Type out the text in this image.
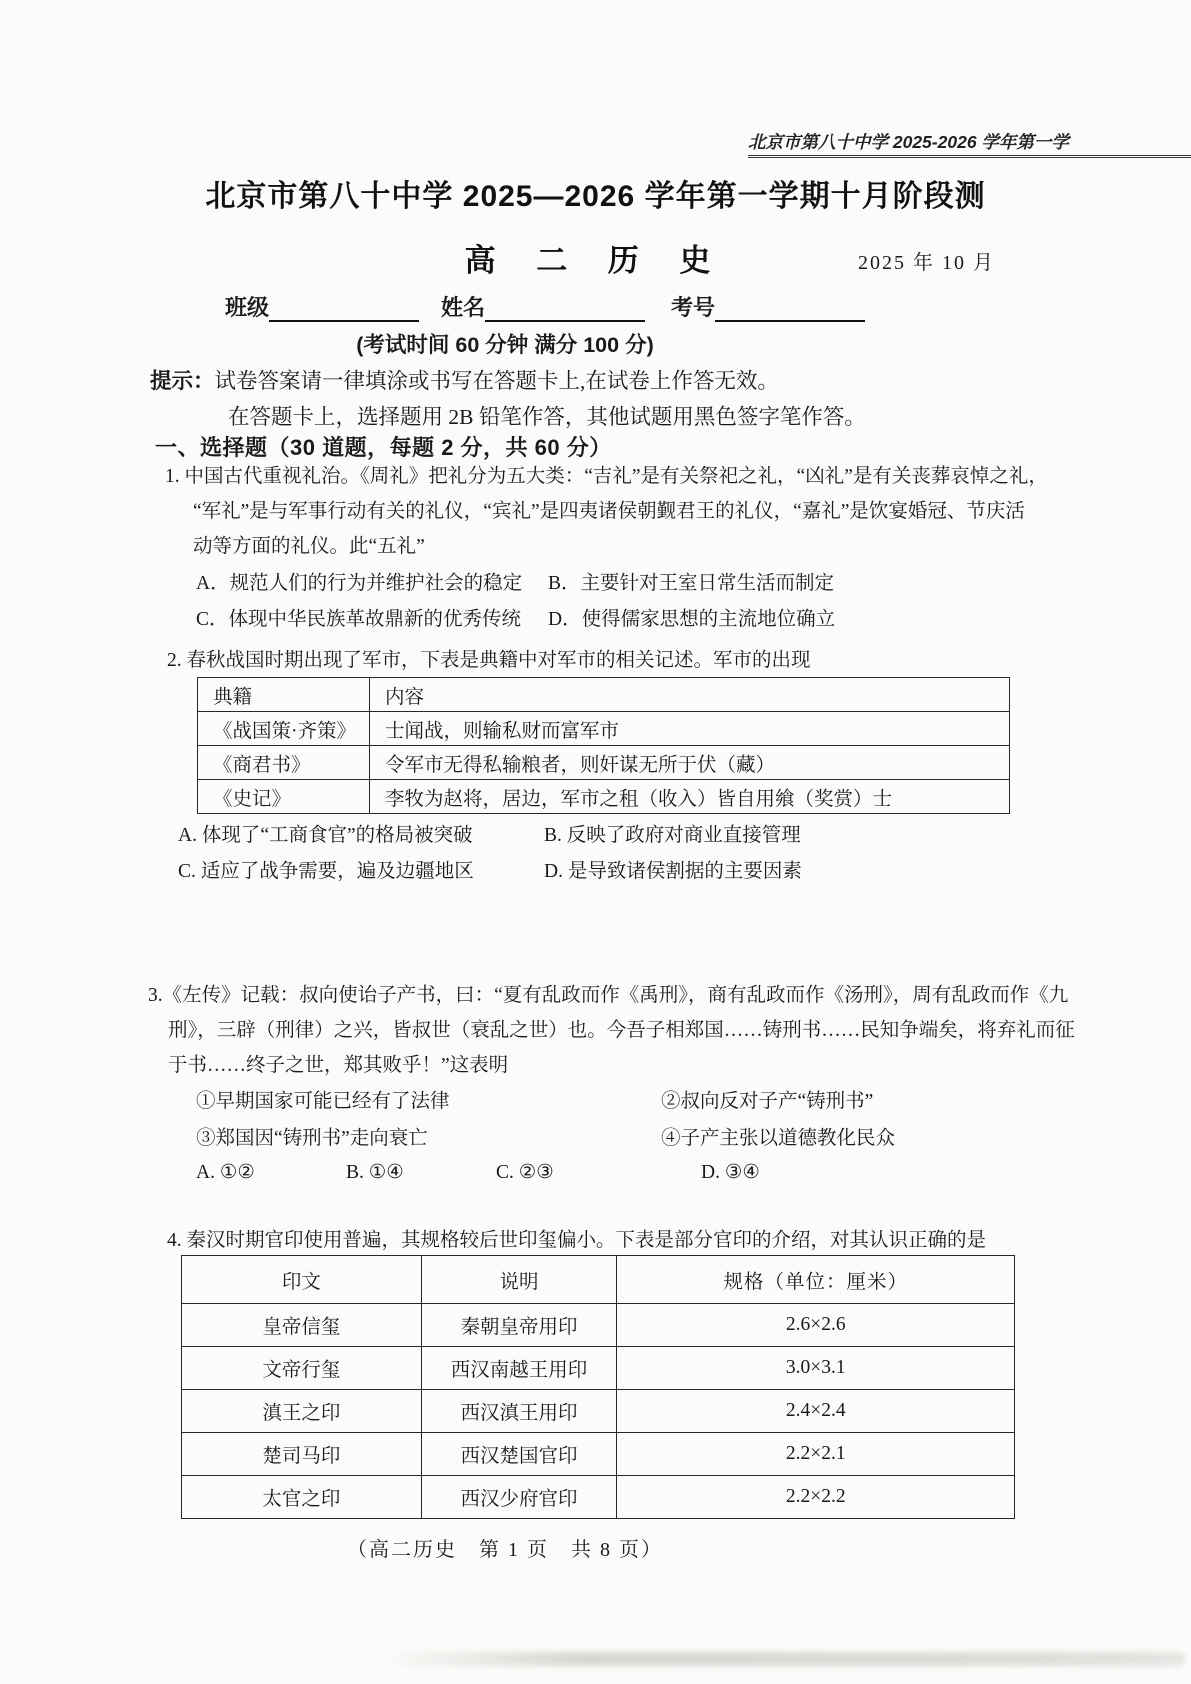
北京市第八十中学 2025-2026 学年第一学
北京市第八十中学 2025—2026 学年第一学期十月阶段测
高 二 历 史	2025 年 10 月
班级	姓名	考号
(考试时间 60 分钟 满分 100 分)
提示：试卷答案请一律填涂或书写在答题卡上,在试卷上作答无效。
在答题卡上，选择题用 2B 铅笔作答，其他试题用黑色签字笔作答。
一、选择题（30 道题，每题 2 分，共 60 分）
1. 中国古代重视礼治。《周礼》把礼分为五大类：“吉礼”是有关祭祀之礼，“凶礼”是有关丧葬哀悼之礼，
“军礼”是与军事行动有关的礼仪，“宾礼”是四夷诸侯朝觐君王的礼仪，“嘉礼”是饮宴婚冠、节庆活
动等方面的礼仪。此“五礼”
A．规范人们的行为并维护社会的稳定	B．主要针对王室日常生活而制定
C．体现中华民族革故鼎新的优秀传统	D．使得儒家思想的主流地位确立
2. 春秋战国时期出现了军市，下表是典籍中对军市的相关记述。军市的出现
典籍	内容
《战国策·齐策》	士闻战，则输私财而富军市
《商君书》	令军市无得私输粮者，则奸谋无所于伏（藏）
《史记》	李牧为赵将，居边，军市之租（收入）皆自用飨（奖赏）士
A. 体现了“工商食官”的格局被突破	B. 反映了政府对商业直接管理
C. 适应了战争需要，遍及边疆地区	D. 是导致诸侯割据的主要因素
3.《左传》记载：叔向使诒子产书，曰：“夏有乱政而作《禹刑》，商有乱政而作《汤刑》，周有乱政而作《九
刑》，三辟（刑律）之兴，皆叔世（衰乱之世）也。今吾子相郑国……铸刑书……民知争端矣，将弃礼而征
于书……终子之世，郑其败乎！”这表明
①早期国家可能已经有了法律	②叔向反对子产“铸刑书”
③郑国因“铸刑书”走向衰亡	④子产主张以道德教化民众
A. ①②	B. ①④	C. ②③	D. ③④
4. 秦汉时期官印使用普遍，其规格较后世印玺偏小。下表是部分官印的介绍，对其认识正确的是
印文	说明	规格（单位：厘米）
皇帝信玺	秦朝皇帝用印	2.6×2.6
文帝行玺	西汉南越王用印	3.0×3.1
滇王之印	西汉滇王用印	2.4×2.4
楚司马印	西汉楚国官印	2.2×2.1
太官之印	西汉少府官印	2.2×2.2
（高二历史　第 1 页　共 8 页）
